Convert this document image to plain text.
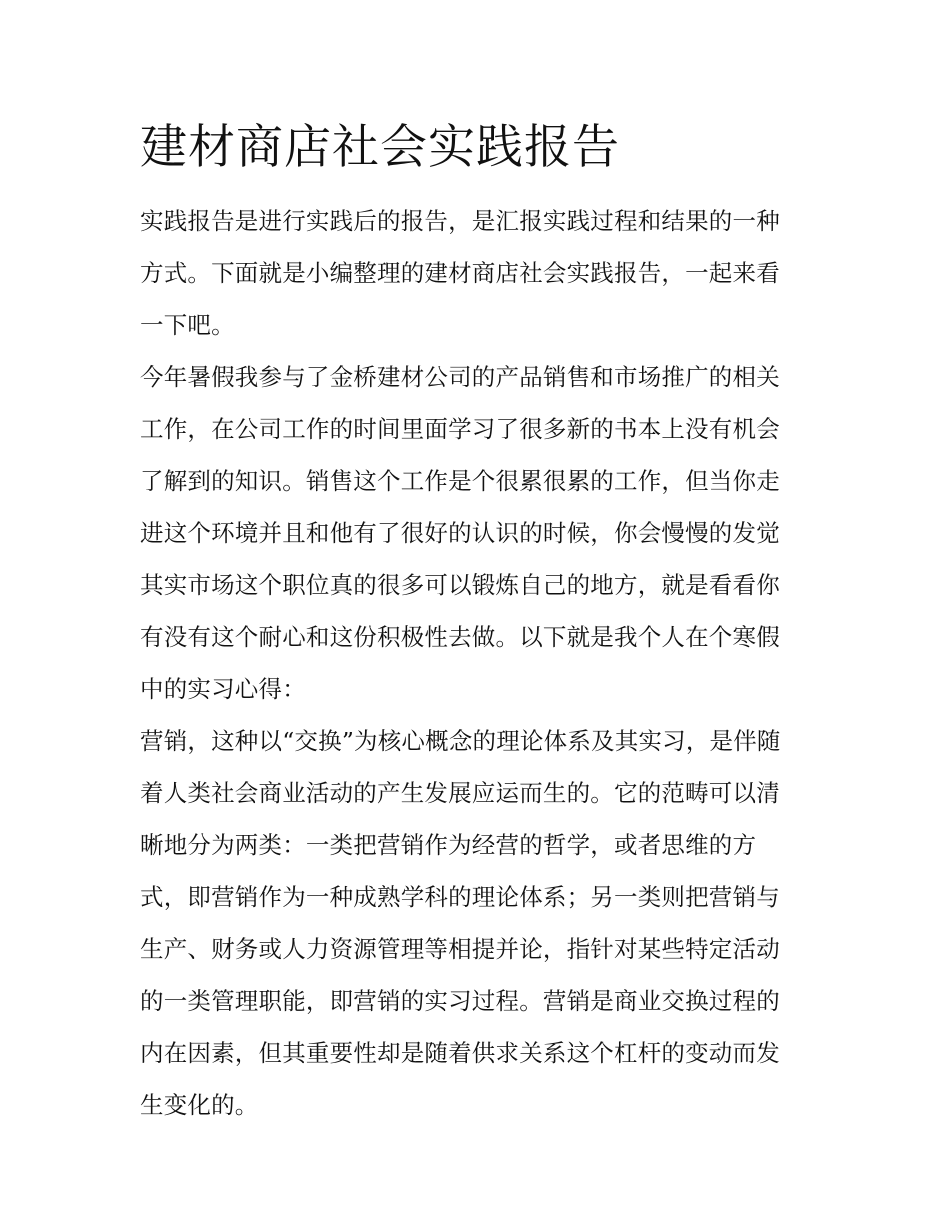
建材商店社会实践报告

实践报告是进行实践后的报告，是汇报实践过程和结果的一种
方式。下面就是小编整理的建材商店社会实践报告，一起来看
一下吧。

今年暑假我参与了金桥建材公司的产品销售和市场推广的相关
工作，在公司工作的时间里面学习了很多新的书本上没有机会
了解到的知识。销售这个工作是个很累很累的工作，但当你走
进这个环境并且和他有了很好的认识的时候，你会慢慢的发觉
其实市场这个职位真的很多可以锻炼自己的地方，就是看看你
有没有这个耐心和这份积极性去做。以下就是我个人在个寒假
中的实习心得：

营销，这种以“交换”为核心概念的理论体系及其实习，是伴随
着人类社会商业活动的产生发展应运而生的。它的范畴可以清
晰地分为两类：一类把营销作为经营的哲学，或者思维的方
式，即营销作为一种成熟学科的理论体系；另一类则把营销与
生产、财务或人力资源管理等相提并论，指针对某些特定活动
的一类管理职能，即营销的实习过程。营销是商业交换过程的
内在因素，但其重要性却是随着供求关系这个杠杆的变动而发
生变化的。
